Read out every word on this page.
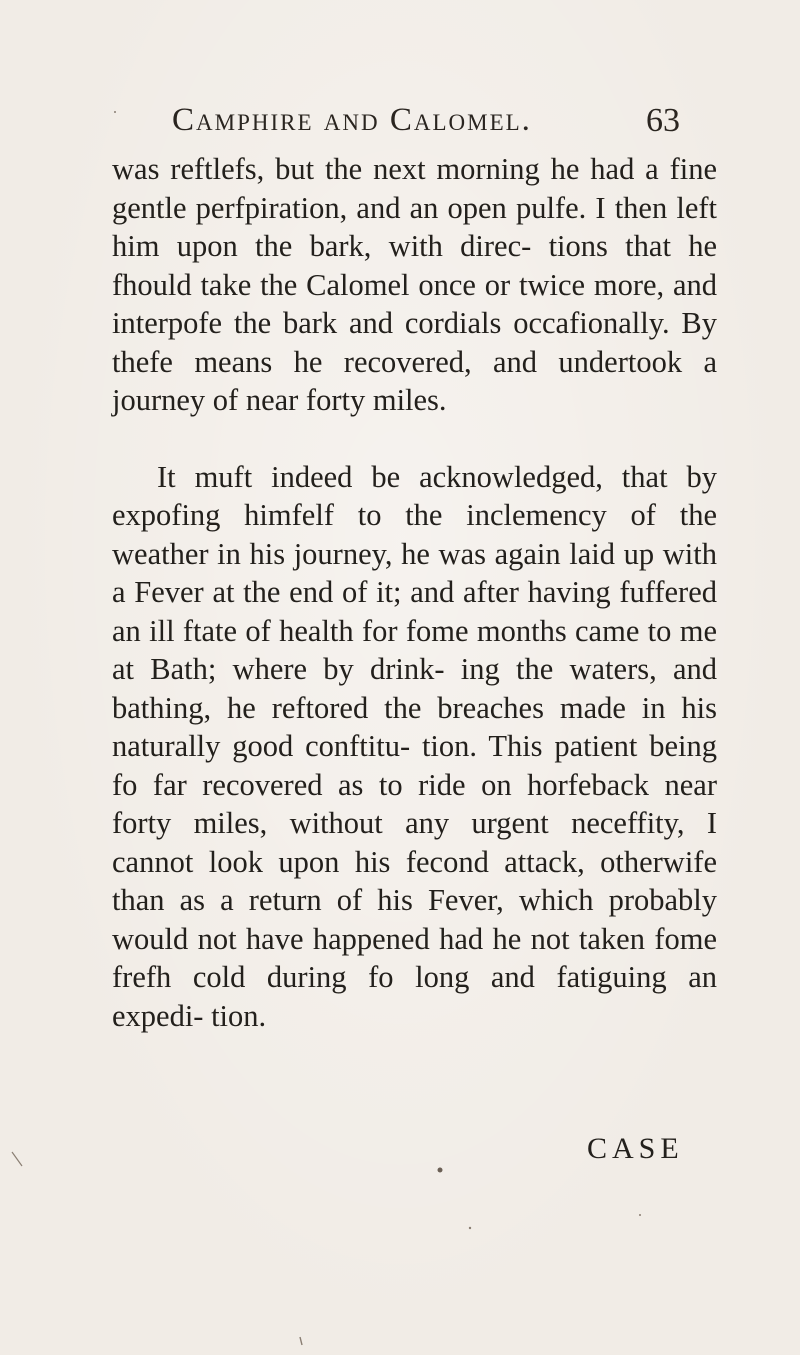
Camphire and Calomel.	63

was reftlefs, but the next morning he had a fine gentle perfpiration, and an open pulfe. I then left him upon the bark, with direc- tions that he fhould take the Calomel once or twice more, and interpofe the bark and cordials occafionally. By thefe means he recovered, and undertook a journey of near forty miles.

It muft indeed be acknowledged, that by expofing himfelf to the inclemency of the weather in his journey, he was again laid up with a Fever at the end of it; and after having fuffered an ill ftate of health for fome months came to me at Bath; where by drink- ing the waters, and bathing, he reftored the breaches made in his naturally good conftitu- tion. This patient being fo far recovered as to ride on horfeback near forty miles, without any urgent neceffity, I cannot look upon his fecond attack, otherwife than as a return of his Fever, which probably would not have happened had he not taken fome frefh cold during fo long and fatiguing an expedi- tion.

CASE
